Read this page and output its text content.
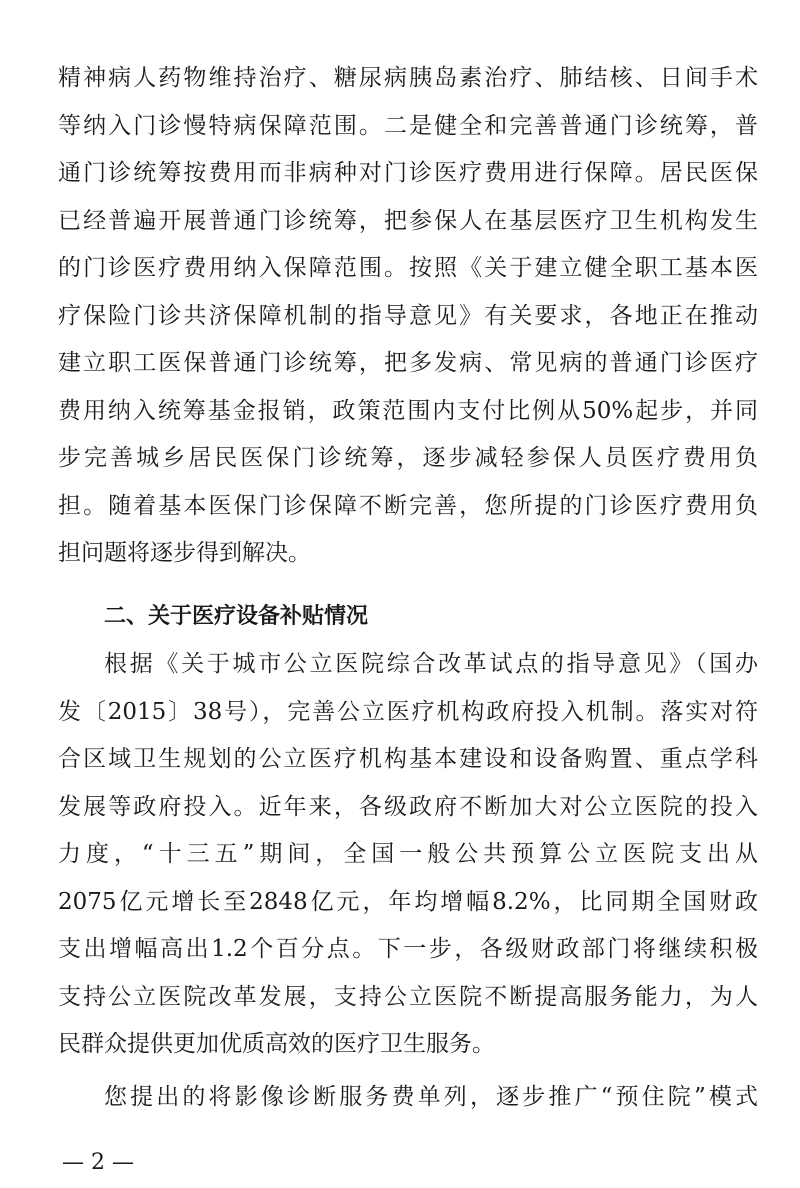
精神病人药物维持治疗、糖尿病胰岛素治疗、肺结核、日间手术
等纳入门诊慢特病保障范围。二是健全和完善普通门诊统筹，普
通门诊统筹按费用而非病种对门诊医疗费用进行保障。居民医保
已经普遍开展普通门诊统筹，把参保人在基层医疗卫生机构发生
的门诊医疗费用纳入保障范围。按照《关于建立健全职工基本医
疗保险门诊共济保障机制的指导意见》有关要求，各地正在推动
建立职工医保普通门诊统筹，把多发病、常见病的普通门诊医疗
费用纳入统筹基金报销，政策范围内支付比例从50%起步，并同
步完善城乡居民医保门诊统筹，逐步减轻参保人员医疗费用负
担。随着基本医保门诊保障不断完善，您所提的门诊医疗费用负
担问题将逐步得到解决。
二、关于医疗设备补贴情况
根据《关于城市公立医院综合改革试点的指导意见》（国办
发〔2015〕38号），完善公立医疗机构政府投入机制。落实对符
合区域卫生规划的公立医疗机构基本建设和设备购置、重点学科
发展等政府投入。近年来，各级政府不断加大对公立医院的投入
力度，“十三五”期间，全国一般公共预算公立医院支出从
2075亿元增长至2848亿元，年均增幅8.2%，比同期全国财政
支出增幅高出1.2个百分点。下一步，各级财政部门将继续积极
支持公立医院改革发展，支持公立医院不断提高服务能力，为人
民群众提供更加优质高效的医疗卫生服务。
您提出的将影像诊断服务费单列，逐步推广“预住院”模式
— 2 —
